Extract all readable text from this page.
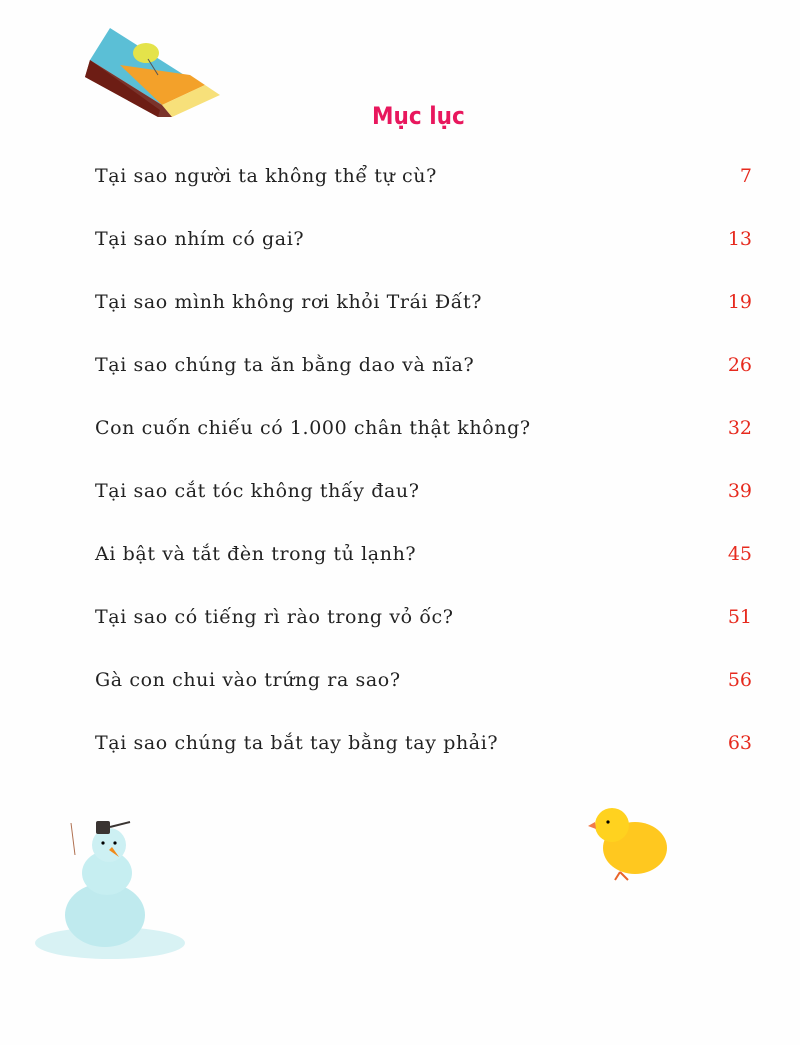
Mục lục
Tại sao người ta không thể tự cù?	7
Tại sao nhím có gai?	13
Tại sao mình không rơi khỏi Trái Đất?	19
Tại sao chúng ta ăn bằng dao và nĩa?	26
Con cuốn chiếu có 1.000 chân thật không?	32
Tại sao cắt tóc không thấy đau?	39
Ai bật và tắt đèn trong tủ lạnh?	45
Tại sao có tiếng rì rào trong vỏ ốc?	51
Gà con chui vào trứng ra sao?	56
Tại sao chúng ta bắt tay bằng tay phải?	63
